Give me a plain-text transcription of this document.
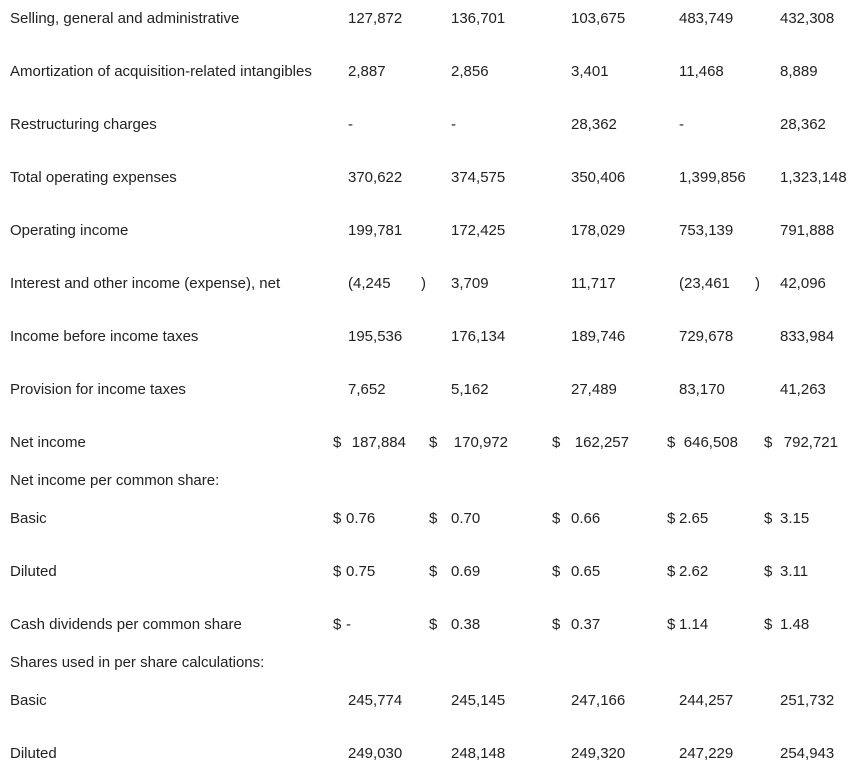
Selling, general and administrative	127,872	136,701	103,675	483,749	432,308
Amortization of acquisition-related intangibles 2,887	2,856	3,401	11,468	8,889
Restructuring charges	-	-	28,362	-	28,362
Total operating expenses	370,622	374,575	350,406	1,399,856 1,323,148
Operating income	199,781	172,425	178,029	753,139	791,888
Interest and other income (expense), net	(4,245 ) 3,709	11,717	(23,461 ) 42,096
Income before income taxes	195,536	176,134	189,746	729,678	833,984
Provision for income taxes	7,652	5,162	27,489	83,170	41,263
Net income	$ 187,884 $ 170,972	$ 162,257	$ 646,508 $ 792,721
Net income per common share:
Basic	$ 0.76	$ 0.70	$ 0.66	$ 2.65	$ 3.15
Diluted	$ 0.75	$ 0.69	$ 0.65	$ 2.62	$ 3.11
Cash dividends per common share	$ -	$ 0.38	$ 0.37	$ 1.14	$ 1.48
Shares used in per share calculations:
Basic	245,774	245,145	247,166	244,257	251,732
Diluted	249,030	248,148	249,320	247,229	254,943
